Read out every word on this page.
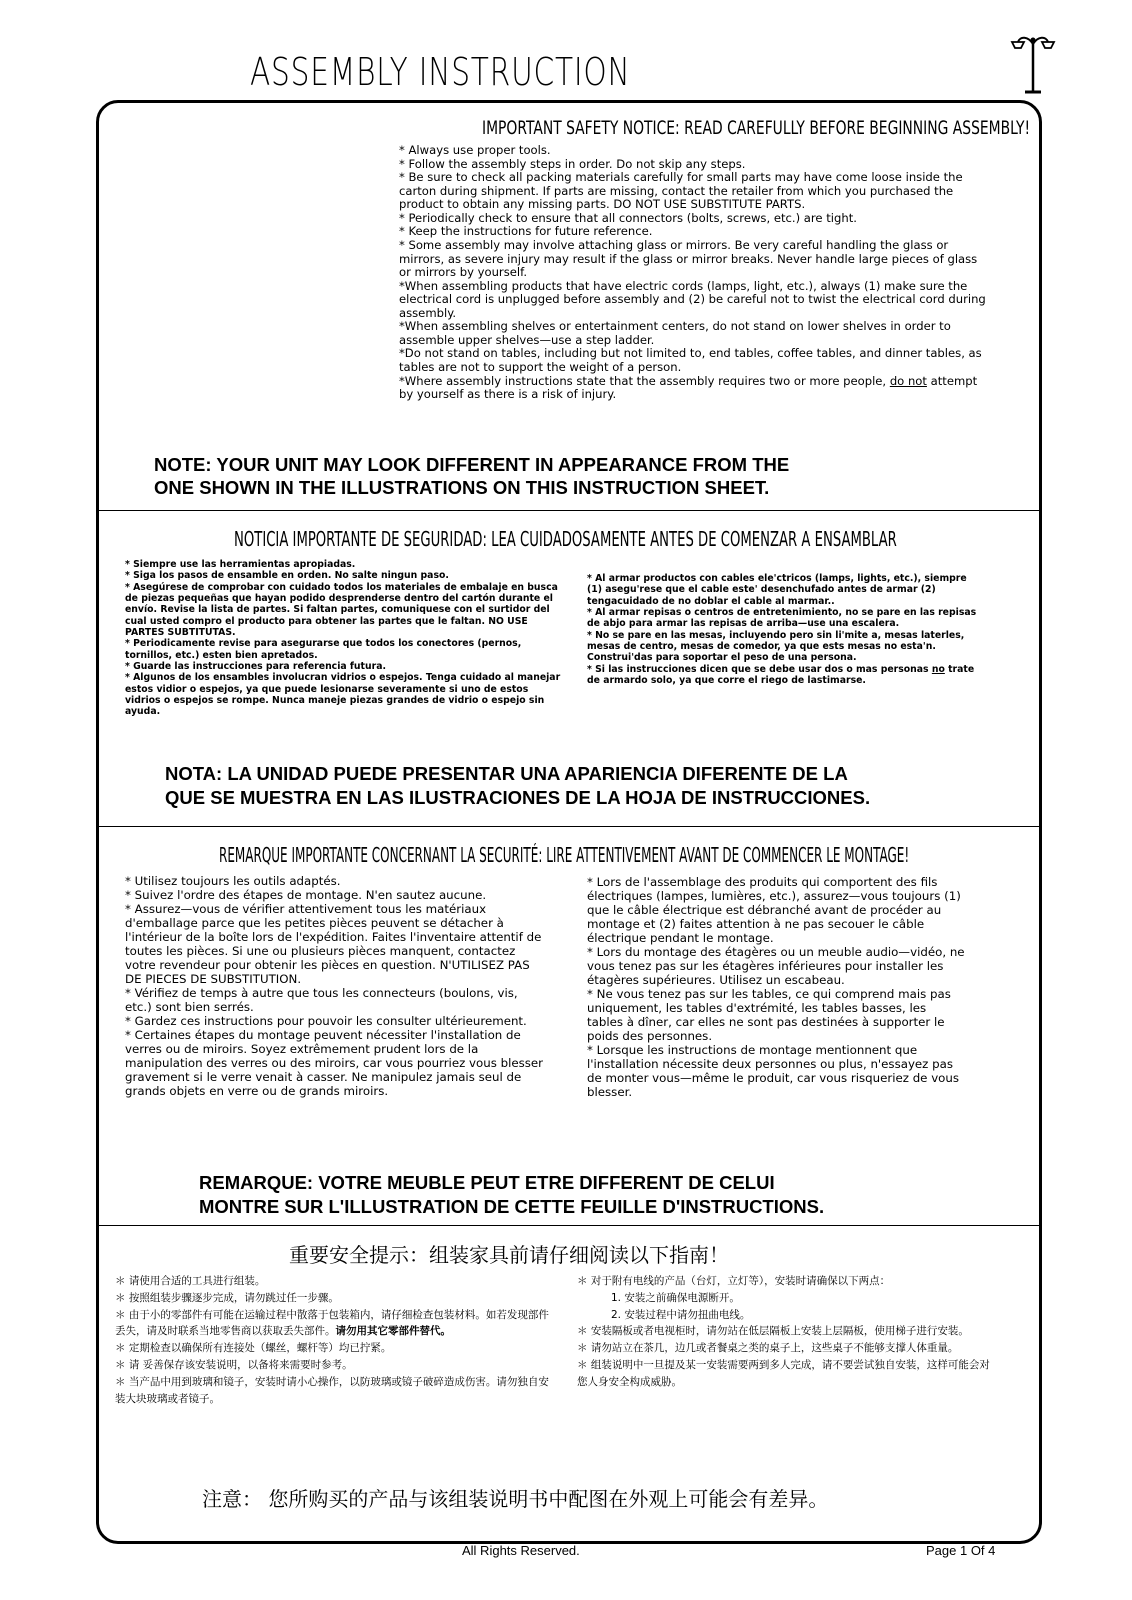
ASSEMBLY INSTRUCTION
IMPORTANT SAFETY NOTICE: READ CAREFULLY BEFORE BEGINNING ASSEMBLY!
* Always use proper tools.
* Follow the assembly steps in order. Do not skip any steps.
* Be sure to check all packing materials carefully for small parts may have come loose inside the carton during shipment. If parts are missing, contact the retailer from which you purchased the product to obtain any missing parts. DO NOT USE SUBSTITUTE PARTS.
* Periodically check to ensure that all connectors (bolts, screws, etc.) are tight.
* Keep the instructions for future reference.
* Some assembly may involve attaching glass or mirrors. Be very careful handling the glass or mirrors, as severe injury may result if the glass or mirror breaks. Never handle large pieces of glass or mirrors by yourself.
*When assembling products that have electric cords (lamps, light, etc.), always (1) make sure the electrical cord is unplugged before assembly and (2) be careful not to twist the electrical cord during assembly.
*When assembling shelves or entertainment centers, do not stand on lower shelves in order to assemble upper shelves—use a step ladder.
*Do not stand on tables, including but not limited to, end tables, coffee tables, and dinner tables, as tables are not to support the weight of a person.
*Where assembly instructions state that the assembly requires two or more people, do not attempt by yourself as there is a risk of injury.
NOTE: YOUR UNIT MAY LOOK DIFFERENT IN APPEARANCE FROM THE
ONE SHOWN IN THE ILLUSTRATIONS ON THIS INSTRUCTION SHEET.
NOTICIA IMPORTANTE DE SEGURIDAD: LEA CUIDADOSAMENTE ANTES DE COMENZAR A ENSAMBLAR
* Siempre use las herramientas apropiadas.
* Siga los pasos de ensamble en orden. No salte ningun paso.
* Asegúrese de comprobar con cuidado todos los materiales de embalaje en busca de piezas pequeñas que hayan podido desprenderse dentro del cartón durante el envío. Revise la lista de partes. Si faltan partes, comuniquese con el surtidor del cual usted compro el producto para obtener las partes que le faltan. NO USE PARTES SUBTITUTAS.
* Periodicamente revise para asegurarse que todos los conectores (pernos, tornillos, etc.) esten bien apretados.
* Guarde las instrucciones para referencia futura.
* Algunos de los ensambles involucran vidrios o espejos. Tenga cuidado al manejar estos vidior o espejos, ya que puede lesionarse severamente si uno de estos vidrios o espejos se rompe. Nunca maneje piezas grandes de vidrio o espejo sin ayuda.
* Al armar productos con cables ele'ctricos (lamps, lights, etc.), siempre (1) asegu'rese que el cable este' desenchufado antes de armar (2) tengacuidado de no doblar el cable al marmar..
* Al armar repisas o centros de entretenimiento, no se pare en las repisas de abjo para armar las repisas de arriba—use una escalera.
* No se pare en las mesas, incluyendo pero sin li'mite a, mesas laterles, mesas de centro, mesas de comedor, ya que ests mesas no esta'n. Construi'das para soportar el peso de una persona.
* Si las instrucciones dicen que se debe usar dos o mas personas no trate de armardo solo, ya que corre el riego de lastimarse.
NOTA: LA UNIDAD PUEDE PRESENTAR UNA APARIENCIA DIFERENTE DE LA
QUE SE MUESTRA EN LAS ILUSTRACIONES DE LA HOJA DE INSTRUCCIONES.
REMARQUE IMPORTANTE CONCERNANT LA SECURITÉ: LIRE ATTENTIVEMENT AVANT DE COMMENCER LE MONTAGE!
* Utilisez toujours les outils adaptés.
* Suivez l'ordre des étapes de montage. N'en sautez aucune.
* Assurez—vous de vérifier attentivement tous les matériaux d'emballage parce que les petites pièces peuvent se détacher à l'intérieur de la boîte lors de l'expédition. Faites l'inventaire attentif de toutes les pièces. Si une ou plusieurs pièces manquent, contactez votre revendeur pour obtenir les pièces en question. N'UTILISEZ PAS DE PIECES DE SUBSTITUTION.
* Vérifiez de temps à autre que tous les connecteurs (boulons, vis, etc.) sont bien serrés.
* Gardez ces instructions pour pouvoir les consulter ultérieurement.
* Certaines étapes du montage peuvent nécessiter l'installation de verres ou de miroirs. Soyez extrêmement prudent lors de la manipulation des verres ou des miroirs, car vous pourriez vous blesser gravement si le verre venait à casser. Ne manipulez jamais seul de grands objets en verre ou de grands miroirs.
* Lors de l'assemblage des produits qui comportent des fils électriques (lampes, lumières, etc.), assurez—vous toujours (1) que le câble électrique est débranché avant de procéder au montage et (2) faites attention à ne pas secouer le câble électrique pendant le montage.
* Lors du montage des étagères ou un meuble audio—vidéo, ne vous tenez pas sur les étagères inférieures pour installer les étagères supérieures. Utilisez un escabeau.
* Ne vous tenez pas sur les tables, ce qui comprend mais pas uniquement, les tables d'extrémité, les tables basses, les tables à dîner, car elles ne sont pas destinées à supporter le poids des personnes.
* Lorsque les instructions de montage mentionnent que l'installation nécessite deux personnes ou plus, n'essayez pas de monter vous—même le produit, car vous risqueriez de vous blesser.
REMARQUE: VOTRE MEUBLE PEUT ETRE DIFFERENT DE CELUI
MONTRE SUR L'ILLUSTRATION DE CETTE FEUILLE D'INSTRUCTIONS.
重要安全提示：组装家具前请仔细阅读以下指南！
＊ 请使用合适的工具进行组装。
＊ 按照组装步骤逐步完成，请勿跳过任一步骤。
＊ 由于小的零部件有可能在运输过程中散落于包装箱内，请仔细检查包装材料。如若发现部件丢失，请及时联系当地零售商以获取丢失部件。请勿用其它零部件替代。
＊ 定期检查以确保所有连接处（螺丝，螺杆等）均已拧紧。
＊ 请 妥善保存该安装说明，以备将来需要时参考。
＊ 当产品中用到玻璃和镜子，安装时请小心操作，以防玻璃或镜子破碎造成伤害。请勿独自安装大块玻璃或者镜子。
＊ 对于附有电线的产品（台灯，立灯等），安装时请确保以下两点：
1. 安装之前确保电源断开。
2. 安装过程中请勿扭曲电线。
＊ 安装隔板或者电视柜时，请勿站在低层隔板上安装上层隔板，使用梯子进行安装。
＊ 请勿站立在茶几，边几或者餐桌之类的桌子上，这些桌子不能够支撑人体重量。
＊ 组装说明中一旦提及某一安装需要两到多人完成，请不要尝试独自安装，这样可能会对您人身安全构成威胁。
注意： 您所购买的产品与该组装说明书中配图在外观上可能会有差异。
All Rights Reserved.	Page 1 Of 4
